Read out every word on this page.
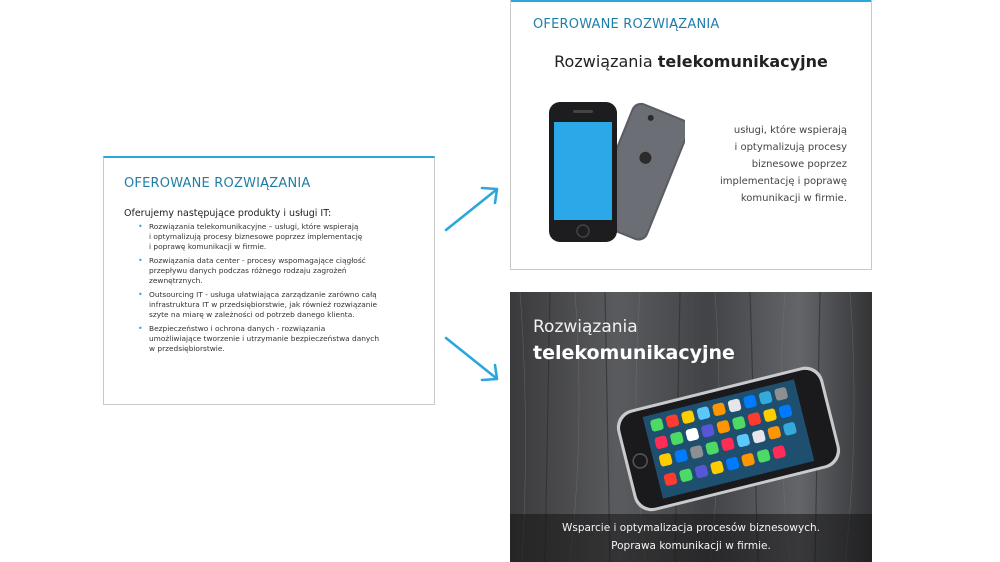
OFEROWANE ROZWIĄZANIA
Oferujemy następujące produkty i usługi IT:
• Rozwiązania telekomunikacyjne – usługi, które wspierają
i optymalizują procesy biznesowe poprzez implementację
i poprawę komunikacji w firmie.
• Rozwiązania data center - procesy wspomagające ciągłość
przepływu danych podczas różnego rodzaju zagrożeń
zewnętrznych.
• Outsourcing IT - usługa ułatwiająca zarządzanie zarówno całą
infrastruktura IT w przedsiębiorstwie, jak również rozwiązanie
szyte na miarę w zależności od potrzeb danego klienta.
• Bezpieczeństwo i ochrona danych - rozwiązania
umożliwiające tworzenie i utrzymanie bezpieczeństwa danych
w przedsiębiorstwie.
OFEROWANE ROZWIĄZANIA
Rozwiązania telekomunikacyjne
usługi, które wspierają
i optymalizują procesy
biznesowe poprzez
implementację i poprawę
komunikacji w firmie.
Rozwiązania
telekomunikacyjne
Wsparcie i optymalizacja procesów biznesowych.
Poprawa komunikacji w firmie.
